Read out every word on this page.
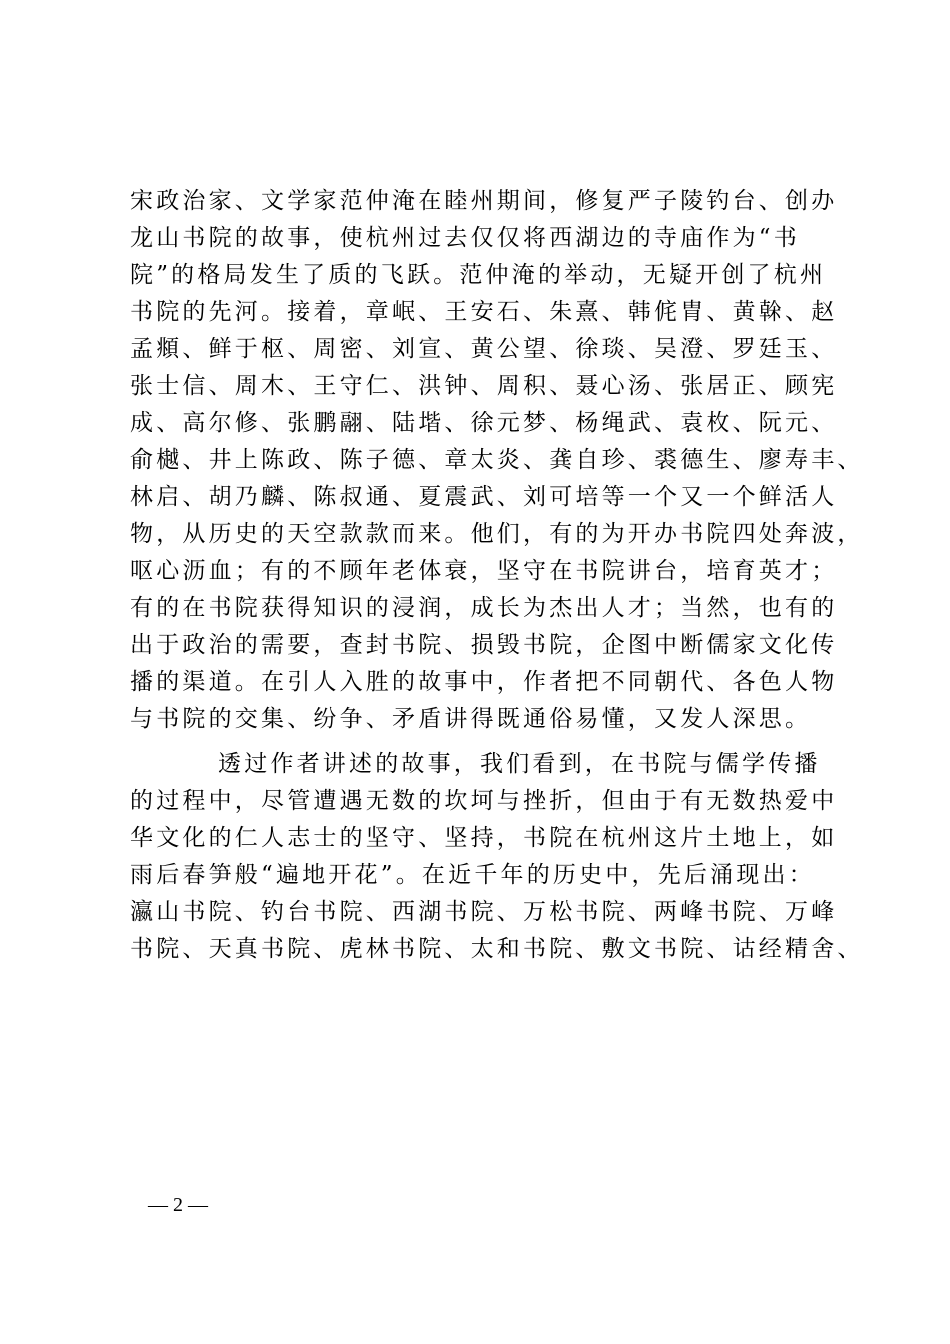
宋政治家、文学家范仲淹在睦州期间，修复严子陵钓台、创办
龙山书院的故事，使杭州过去仅仅将西湖边的寺庙作为“书
院”的格局发生了质的飞跃。范仲淹的举动，无疑开创了杭州
书院的先河。接着，章岷、王安石、朱熹、韩侂胄、黄榦、赵
孟頫、鲜于枢、周密、刘宣、黄公望、徐琰、吴澄、罗廷玉、
张士信、周木、王守仁、洪钟、周积、聂心汤、张居正、顾宪
成、高尔修、张鹏翮、陆堦、徐元梦、杨绳武、袁枚、阮元、
俞樾、井上陈政、陈子德、章太炎、龚自珍、裘德生、廖寿丰、
林启、胡乃麟、陈叔通、夏震武、刘可培等一个又一个鲜活人
物，从历史的天空款款而来。他们，有的为开办书院四处奔波，
呕心沥血；有的不顾年老体衰，坚守在书院讲台，培育英才；
有的在书院获得知识的浸润，成长为杰出人才；当然，也有的
出于政治的需要，查封书院、损毁书院，企图中断儒家文化传
播的渠道。在引人入胜的故事中，作者把不同朝代、各色人物
与书院的交集、纷争、矛盾讲得既通俗易懂，又发人深思。
透过作者讲述的故事，我们看到，在书院与儒学传播
的过程中，尽管遭遇无数的坎坷与挫折，但由于有无数热爱中
华文化的仁人志士的坚守、坚持，书院在杭州这片土地上，如
雨后春笋般“遍地开花”。在近千年的历史中，先后涌现出：
瀛山书院、钓台书院、西湖书院、万松书院、两峰书院、万峰
书院、天真书院、虎林书院、太和书院、敷文书院、诂经精舍、
— 2 —
